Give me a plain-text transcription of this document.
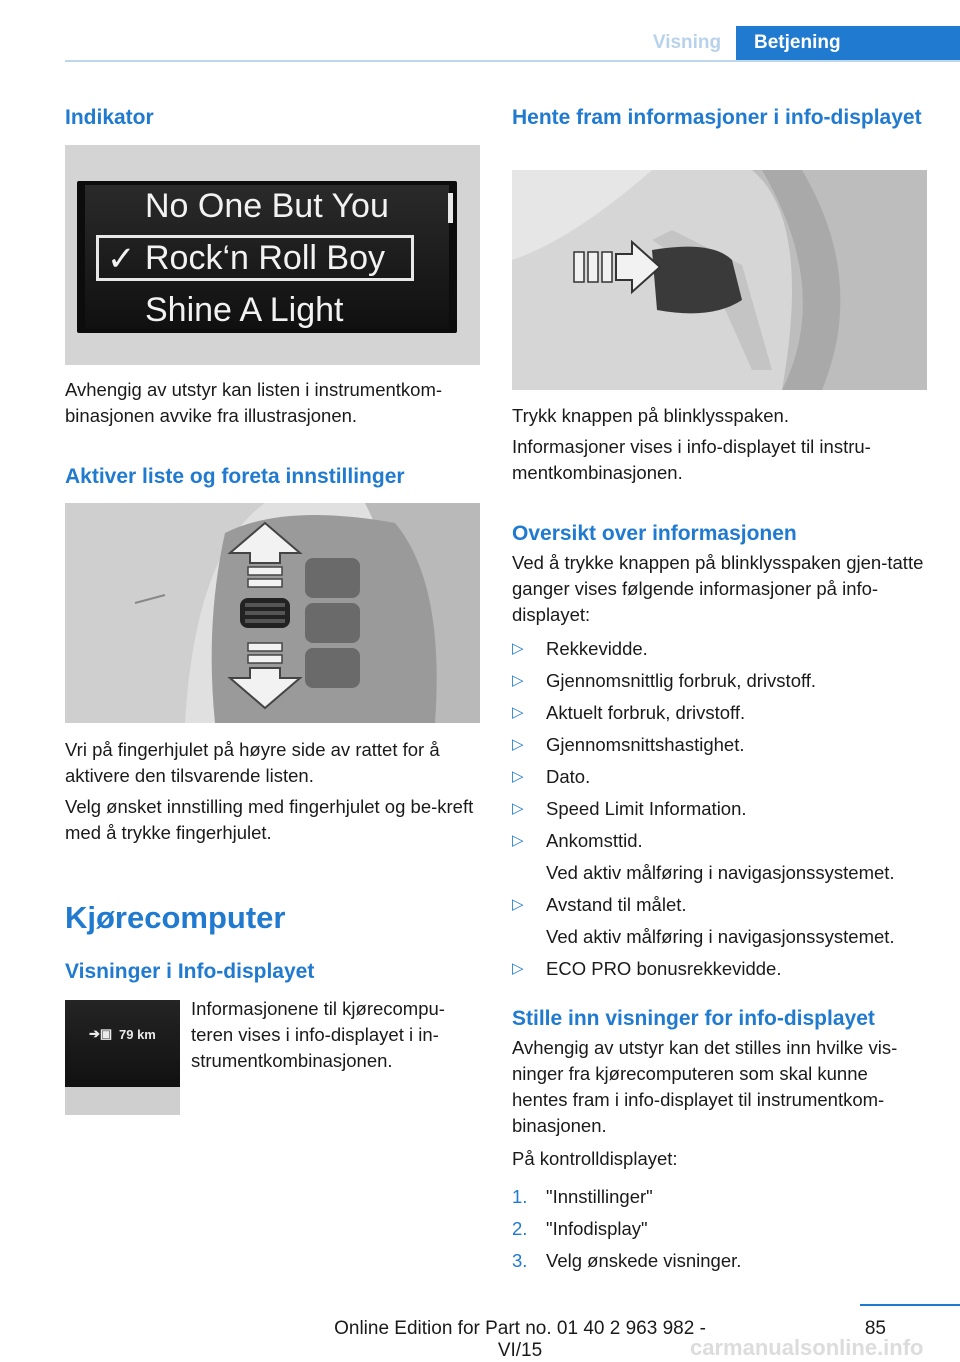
Visning	Betjening
Indikator
No One But You
✓ Rock‘n Roll Boy
Shine A Light

Avhengig av utstyr kan listen i instrumentkom-binasjonen avvike fra illustrasjonen.

Aktiver liste og foreta innstillinger

Vri på fingerhjulet på høyre side av rattet for å aktivere den tilsvarende listen.

Velg ønsket innstilling med fingerhjulet og be-kreft med å trykke fingerhjulet.

Kjørecomputer
Visninger i Info-displayet
➔▣ 79 km

Informasjonene til kjørecompu-teren vises i info-displayet i in-strumentkombinasjonen.

Hente fram informasjoner i info-displayet

Trykk knappen på blinklysspaken.

Informasjoner vises i info-displayet til instru-mentkombinasjonen.

Oversikt over informasjonen

Ved å trykke knappen på blinklysspaken gjen-tatte ganger vises følgende informasjoner på info-displayet:

▷ Rekkevidde.
▷ Gjennomsnittlig forbruk, drivstoff.
▷ Aktuelt forbruk, drivstoff.
▷ Gjennomsnittshastighet.
▷ Dato.
▷ Speed Limit Information.
▷ Ankomsttid.
Ved aktiv målføring i navigasjonssystemet.
▷ Avstand til målet.
Ved aktiv målføring i navigasjonssystemet.
▷ ECO PRO bonusrekkevidde.
Stille inn visninger for info-displayet

Avhengig av utstyr kan det stilles inn hvilke vis-ninger fra kjørecomputeren som skal kunne hentes fram i info-displayet til instrumentkom-binasjonen.

På kontrolldisplayet:

1. "Innstillinger"
2. "Infodisplay"
3. Velg ønskede visninger.
85
Online Edition for Part no. 01 40 2 963 982 - VI/15	carmanualsonline.info
